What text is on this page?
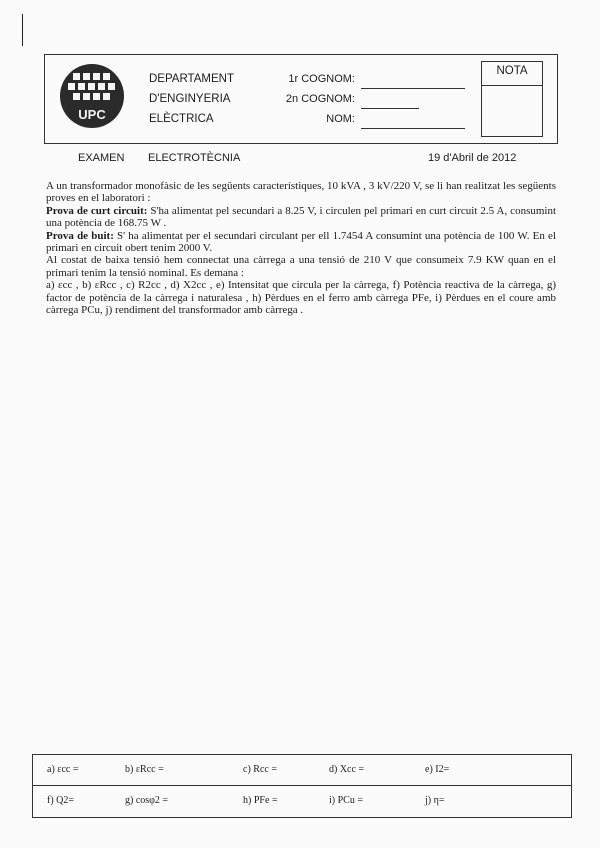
UPC
DEPARTAMENT
D'ENGINYERIA
ELÈCTRICA
1r COGNOM:
2n COGNOM:
NOM:
NOTA
EXAMEN ELECTROTÈCNIA	19 d'Abril de 2012

A un transformador monofàsic de les següents característiques, 10 kVA , 3 kV/220 V, se li han realitzat les següents proves en el laboratori :

Prova de curt circuit: S'ha alimentat pel secundari a 8.25 V, i circulen pel primari en curt circuit 2.5 A, consumint una potència de 168.75 W .

Prova de buit: S' ha alimentat per el secundari circulant per ell 1.7454 A consumint una potència de 100 W. En el primari en circuit obert tenim 2000 V.

Al costat de baixa tensió hem connectat una càrrega a una tensió de 210 V que consumeix 7.9 KW quan en el primari tenim la tensió nominal. Es demana :

a) εcc , b) εRcc , c) R2cc , d) X2cc , e) Intensitat que circula per la càrrega, f) Potència reactiva de la càrrega, g) factor de potència de la càrrega i naturalesa , h) Pèrdues en el ferro amb càrrega PFe, i) Pèrdues en el coure amb càrrega PCu, j) rendiment del transformador amb càrrega .

a) εcc =	b) εRcc =	c) Rcc =	d) Xcc =	e) I2=
f) Q2=	g) cosφ2 =	h) PFe =	i) PCu =	j) η=
